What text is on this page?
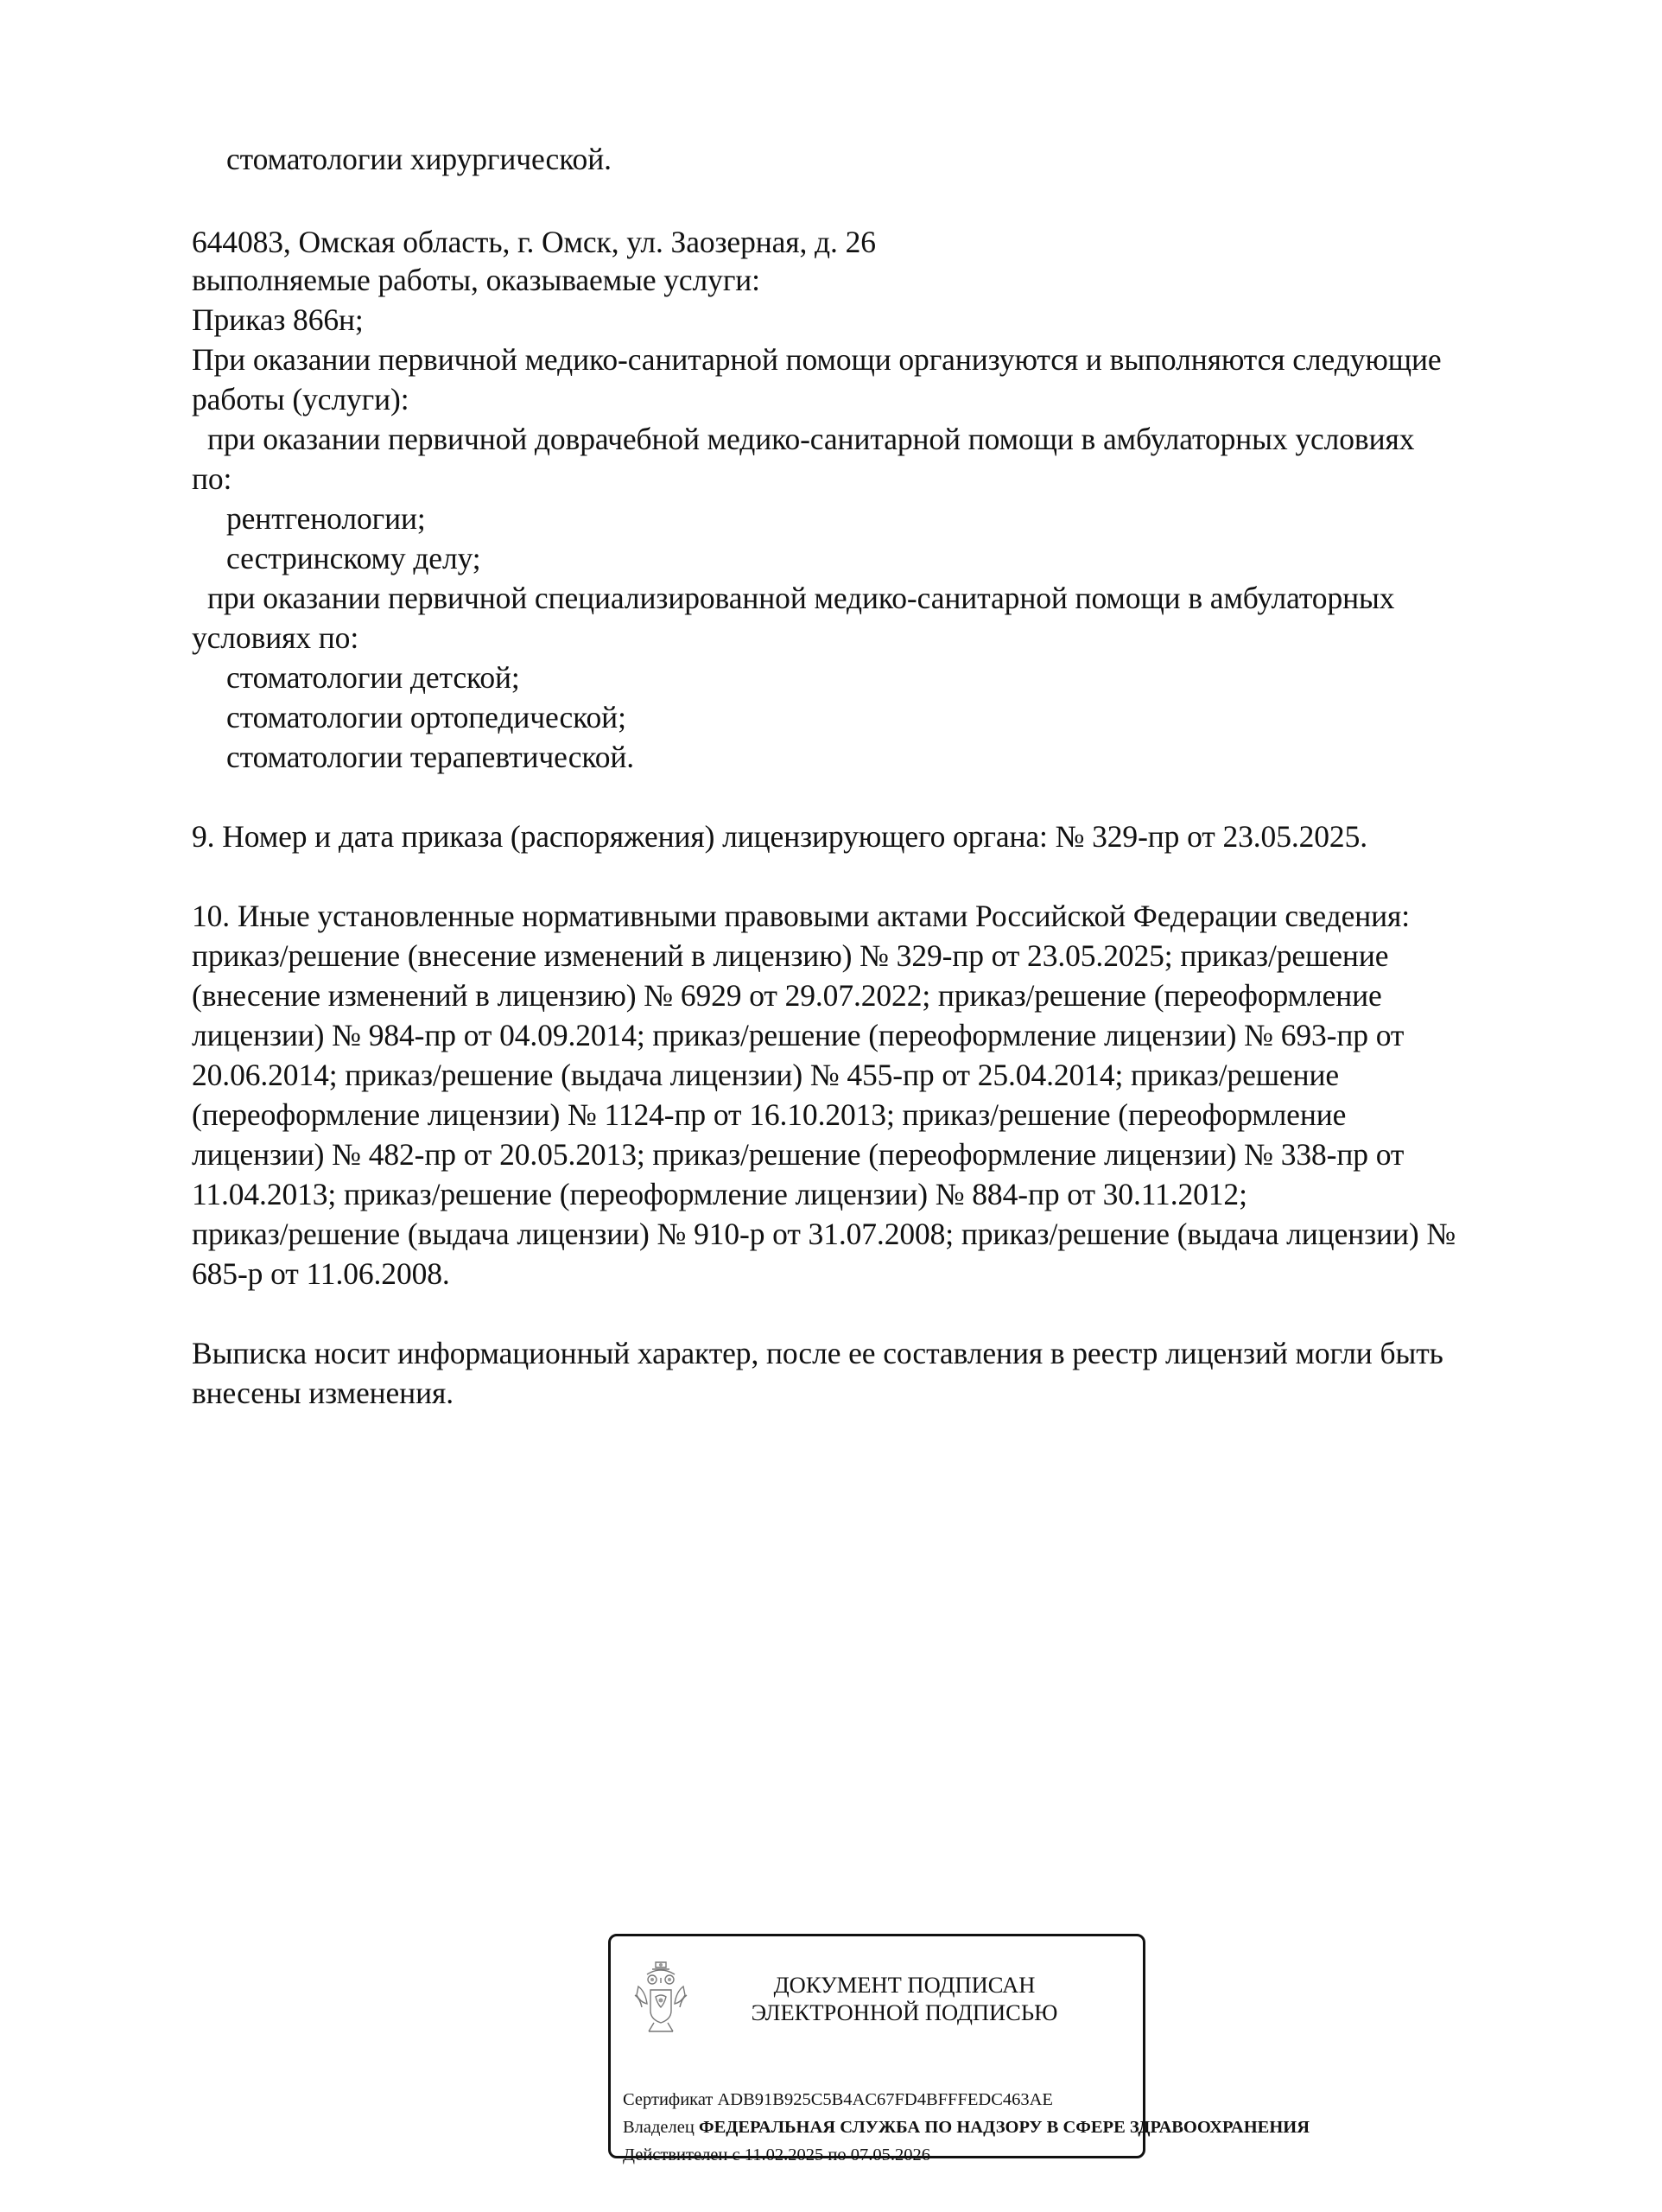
стоматологии хирургической.
644083, Омская область, г. Омск, ул. Заозерная, д. 26
выполняемые работы, оказываемые услуги:
Приказ 866н;
При оказании первичной медико-санитарной помощи организуются и выполняются следующие
работы (услуги):
при оказании первичной доврачебной медико-санитарной помощи в амбулаторных условиях
по:
рентгенологии;
сестринскому делу;
при оказании первичной специализированной медико-санитарной помощи в амбулаторных
условиях по:
стоматологии детской;
стоматологии ортопедической;
стоматологии терапевтической.
9. Номер и дата приказа (распоряжения) лицензирующего органа: № 329-пр от 23.05.2025.
10. Иные установленные нормативными правовыми актами Российской Федерации сведения:
приказ/решение (внесение изменений в лицензию) № 329-пр от 23.05.2025; приказ/решение
(внесение изменений в лицензию) № 6929 от 29.07.2022; приказ/решение (переоформление
лицензии) № 984-пр от 04.09.2014; приказ/решение (переоформление лицензии) № 693-пр от
20.06.2014; приказ/решение (выдача лицензии) № 455-пр от 25.04.2014; приказ/решение
(переоформление лицензии) № 1124-пр от 16.10.2013; приказ/решение (переоформление
лицензии) № 482-пр от 20.05.2013; приказ/решение (переоформление лицензии) № 338-пр от
11.04.2013; приказ/решение (переоформление лицензии) № 884-пр от 30.11.2012;
приказ/решение (выдача лицензии) № 910-р от 31.07.2008; приказ/решение (выдача лицензии) №
685-р от 11.06.2008.
Выписка носит информационный характер, после ее составления в реестр лицензий могли быть
внесены изменения.
ДОКУМЕНТ ПОДПИСАН
ЭЛЕКТРОННОЙ ПОДПИСЬЮ
Сертификат ADB91B925C5B4AC67FD4BFFFEDC463AE
Владелец ФЕДЕРАЛЬНАЯ СЛУЖБА ПО НАДЗОРУ В СФЕРЕ ЗДРАВООХРАНЕНИЯ
Действителен с 11.02.2025 по 07.05.2026
